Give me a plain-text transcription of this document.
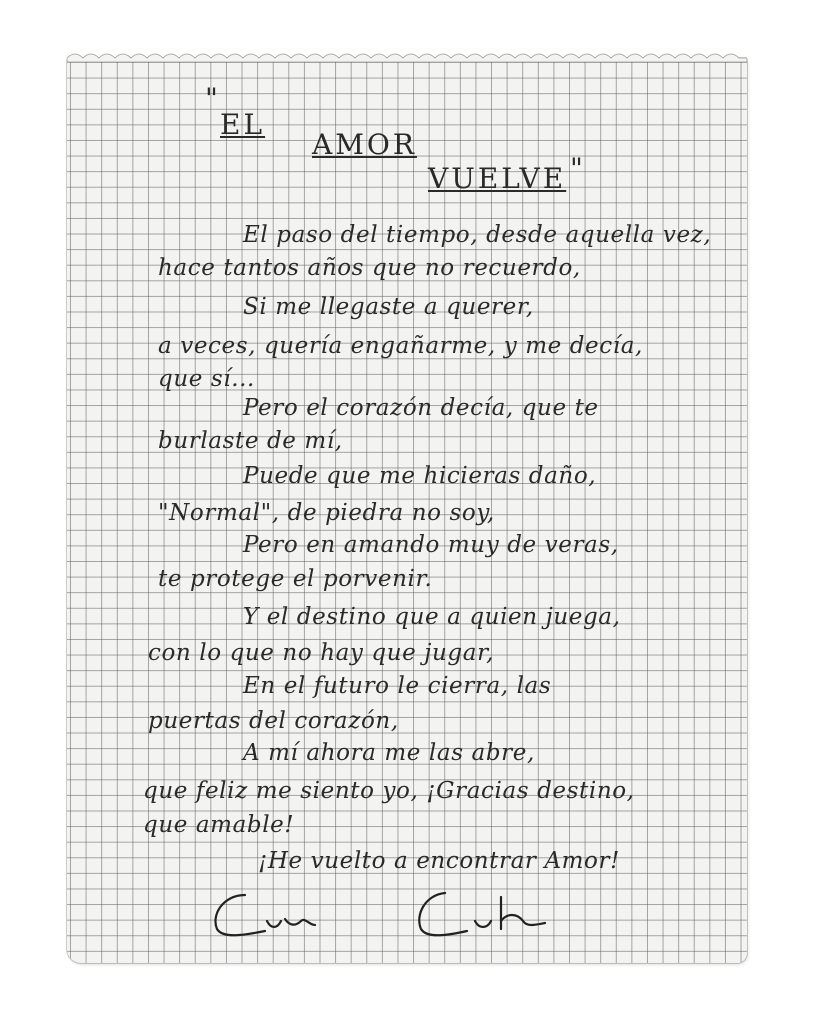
"
EL
AMOR
VUELVE "
El paso del tiempo, desde aquella vez,
hace tantos años que no recuerdo,
Si me llegaste a querer,
a veces, quería engañarme, y me decía,
que sí...
Pero el corazón decía, que te
burlaste de mí,
Puede que me hicieras daño,
"Normal", de piedra no soy,
Pero en amando muy de veras,
te protege el porvenir.
Y el destino que a quien juega,
con lo que no hay que jugar,
En el futuro le cierra, las
puertas del corazón,
A mí ahora me las abre,
que feliz me siento yo, ¡Gracias destino,
que amable!
¡He vuelto a encontrar Amor!
